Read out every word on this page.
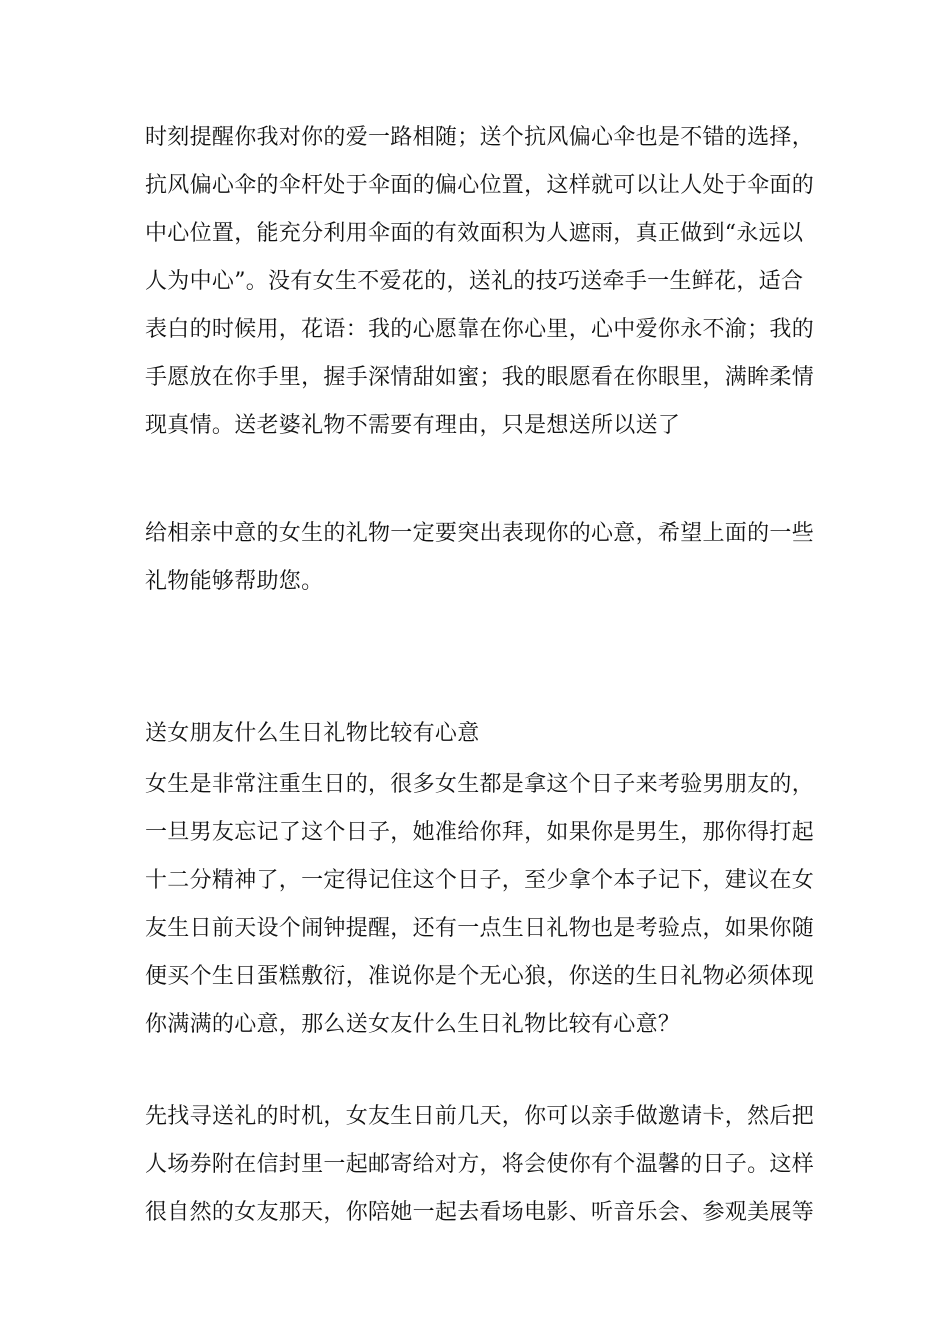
时刻提醒你我对你的爱一路相随；送个抗风偏心伞也是不错的选择，
抗风偏心伞的伞杆处于伞面的偏心位置，这样就可以让人处于伞面的
中心位置，能充分利用伞面的有效面积为人遮雨，真正做到“永远以
人为中心”。没有女生不爱花的，送礼的技巧送牵手一生鲜花，适合
表白的时候用，花语：我的心愿靠在你心里，心中爱你永不渝；我的
手愿放在你手里，握手深情甜如蜜；我的眼愿看在你眼里，满眸柔情
现真情。送老婆礼物不需要有理由，只是想送所以送了
给相亲中意的女生的礼物一定要突出表现你的心意，希望上面的一些
礼物能够帮助您。
送女朋友什么生日礼物比较有心意
女生是非常注重生日的，很多女生都是拿这个日子来考验男朋友的，
一旦男友忘记了这个日子，她准给你拜，如果你是男生，那你得打起
十二分精神了，一定得记住这个日子，至少拿个本子记下，建议在女
友生日前天设个闹钟提醒，还有一点生日礼物也是考验点，如果你随
便买个生日蛋糕敷衍，准说你是个无心狼，你送的生日礼物必须体现
你满满的心意，那么送女友什么生日礼物比较有心意？
先找寻送礼的时机，女友生日前几天，你可以亲手做邀请卡，然后把
人场券附在信封里一起邮寄给对方，将会使你有个温馨的日子。这样
很自然的女友那天，你陪她一起去看场电影、听音乐会、参观美展等
